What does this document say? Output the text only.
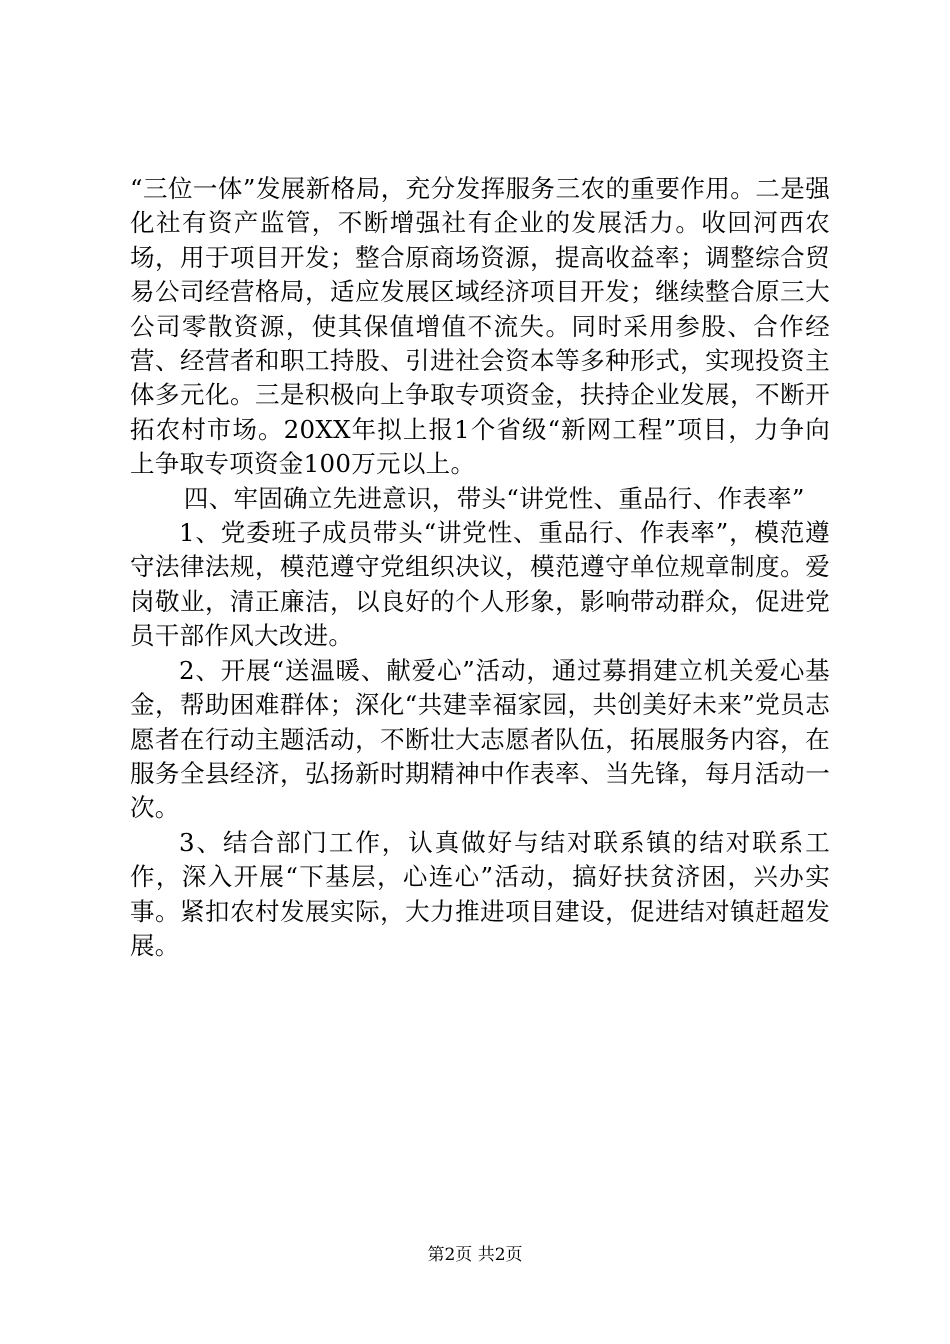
“三位一体”发展新格局，充分发挥服务三农的重要作用。二是强化社有资产监管，不断增强社有企业的发展活力。收回河西农场，用于项目开发；整合原商场资源，提高收益率；调整综合贸易公司经营格局，适应发展区域经济项目开发；继续整合原三大公司零散资源，使其保值增值不流失。同时采用参股、合作经营、经营者和职工持股、引进社会资本等多种形式，实现投资主体多元化。三是积极向上争取专项资金，扶持企业发展，不断开拓农村市场。20XX年拟上报1个省级“新网工程”项目，力争向上争取专项资金100万元以上。

四、牢固确立先进意识，带头“讲党性、重品行、作表率”

1、党委班子成员带头“讲党性、重品行、作表率”，模范遵守法律法规，模范遵守党组织决议，模范遵守单位规章制度。爱岗敬业，清正廉洁，以良好的个人形象，影响带动群众，促进党员干部作风大改进。

2、开展“送温暖、献爱心”活动，通过募捐建立机关爱心基金，帮助困难群体；深化“共建幸福家园，共创美好未来”党员志愿者在行动主题活动，不断壮大志愿者队伍，拓展服务内容，在服务全县经济，弘扬新时期精神中作表率、当先锋，每月活动一次。

3、结合部门工作，认真做好与结对联系镇的结对联系工作，深入开展“下基层，心连心”活动，搞好扶贫济困，兴办实事。紧扣农村发展实际，大力推进项目建设，促进结对镇赶超发展。

第2页 共2页
